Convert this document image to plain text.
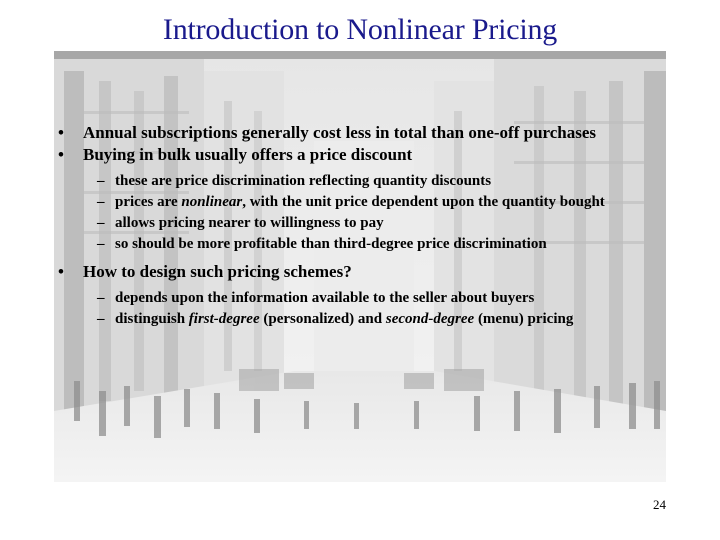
Introduction to Nonlinear Pricing
• Annual subscriptions generally cost less in total than one-off purchases
• Buying in bulk usually offers a price discount
– these are price discrimination reflecting quantity discounts
– prices are nonlinear, with the unit price dependent upon the quantity bought
– allows pricing nearer to willingness to pay
– so should be more profitable than third-degree price discrimination
• How to design such pricing schemes?
– depends upon the information available to the seller about buyers
– distinguish first-degree (personalized) and second-degree (menu) pricing
24
